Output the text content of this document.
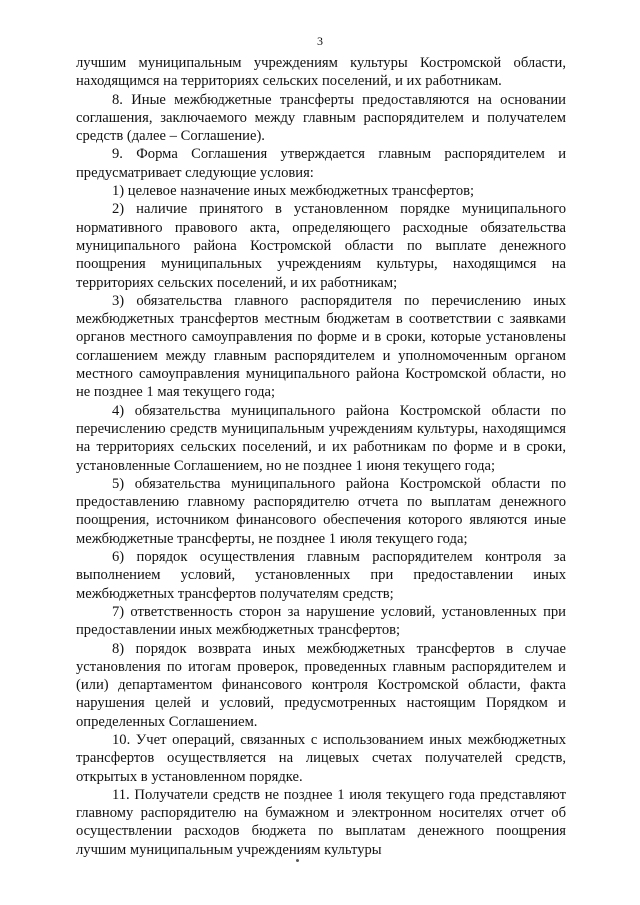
3

лучшим муниципальным учреждениям культуры Костромской области, находящимся на территориях сельских поселений, и их работникам.

8. Иные межбюджетные трансферты предоставляются на основании соглашения, заключаемого между главным распорядителем и получателем средств (далее – Соглашение).

9. Форма Соглашения утверждается главным распорядителем и предусматривает следующие условия:

1) целевое назначение иных межбюджетных трансфертов;

2) наличие принятого в установленном порядке муниципального нормативного правового акта, определяющего расходные обязательства муниципального района Костромской области по выплате денежного поощрения муниципальных учреждениям культуры, находящимся на территориях сельских поселений, и их работникам;

3) обязательства главного распорядителя по перечислению иных межбюджетных трансфертов местным бюджетам в соответствии с заявками органов местного самоуправления по форме и в сроки, которые установлены соглашением между главным распорядителем и уполномоченным органом местного самоуправления муниципального района Костромской области, но не позднее 1 мая текущего года;

4) обязательства муниципального района Костромской области по перечислению средств муниципальным учреждениям культуры, находящимся на территориях сельских поселений, и их работникам по форме и в сроки, установленные Соглашением, но не позднее 1 июня текущего года;

5) обязательства муниципального района Костромской области по предоставлению главному распорядителю отчета по выплатам денежного поощрения, источником финансового обеспечения которого являются иные межбюджетные трансферты, не позднее 1 июля текущего года;

6) порядок осуществления главным распорядителем контроля за выполнением условий, установленных при предоставлении иных межбюджетных трансфертов получателям средств;

7) ответственность сторон за нарушение условий, установленных при предоставлении иных межбюджетных трансфертов;

8) порядок возврата иных межбюджетных трансфертов в случае установления по итогам проверок, проведенных главным распорядителем и (или) департаментом финансового контроля Костромской области, факта нарушения целей и условий, предусмотренных настоящим Порядком и определенных Соглашением.

10. Учет операций, связанных с использованием иных межбюджетных трансфертов осуществляется на лицевых счетах получателей средств, открытых в установленном порядке.

11. Получатели средств не позднее 1 июля текущего года представляют главному распорядителю на бумажном и электронном носителях отчет об осуществлении расходов бюджета по выплатам денежного поощрения лучшим муниципальным учреждениям культуры
